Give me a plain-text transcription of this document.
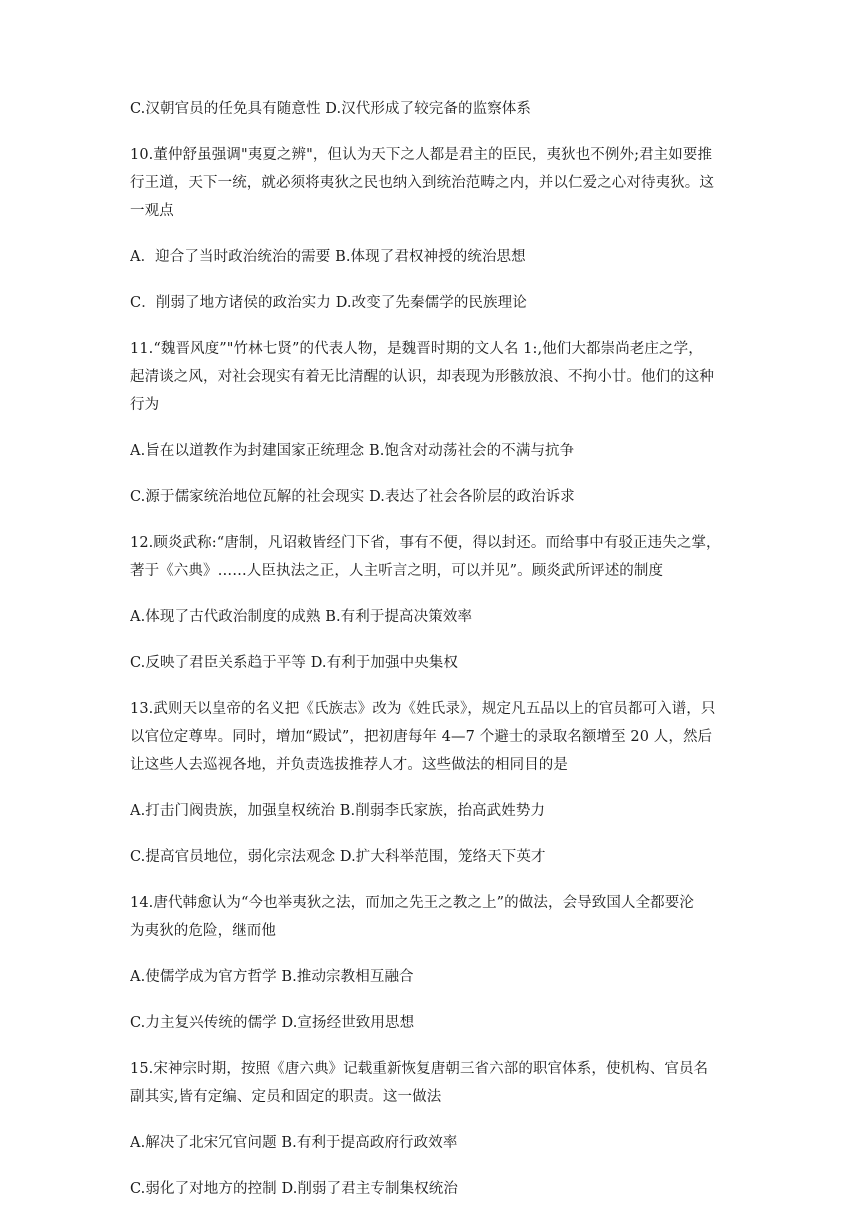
C.汉朝官员的任免具有随意性 D.汉代形成了较完备的监察体系

10.董仲舒虽强调"夷夏之辨"，但认为天下之人都是君主的臣民，夷狄也不例外;君主如要推

行王道，天下一统，就必须将夷狄之民也纳入到统治范畴之内，并以仁爱之心对待夷狄。这

一观点

A．迎合了当时政治统治的需要 B.体现了君权神授的统治思想

C．削弱了地方诸侯的政治实力 D.改变了先秦儒学的民族理论

11.“魏晋风度”"竹林七贤”的代表人物，是魏晋时期的文人名 1:,他们大都崇尚老庄之学，

起清谈之风，对社会现实有着无比清醒的认识，却表现为形骸放浪、不拘小廿。他们的这种

行为

A.旨在以道教作为封建国家正统理念 B.饱含对动荡社会的不满与抗争

C.源于儒家统治地位瓦解的社会现实 D.表达了社会各阶层的政治诉求

12.顾炎武称:“唐制，凡诏敕皆经门下省，事有不便，得以封还。而给事中有驳正违失之掌，

著于《六典》……人臣执法之正，人主听言之明，可以并见”。顾炎武所评述的制度

A.体现了古代政治制度的成熟 B.有利于提高决策效率

C.反映了君臣关系趋于平等 D.有利于加强中央集权

13.武则天以皇帝的名义把《氏族志》改为《姓氏录》，规定凡五品以上的官员都可入谱，只

以官位定尊卑。同时，增加“殿试”，把初唐每年 4—7 个避士的录取名额增至 20 人，然后

让这些人去巡视各地，并负责选拔推荐人才。这些做法的相同目的是

A.打击门阀贵族，加强皇权统治 B.削弱李氏家族，抬高武姓势力

C.提高官员地位，弱化宗法观念 D.扩大科举范围，笼络天下英才

14.唐代韩愈认为“今也举夷狄之法，而加之先王之教之上”的做法，会导致国人全都要沦

为夷狄的危险，继而他

A.使儒学成为官方哲学 B.推动宗教相互融合

C.力主复兴传统的儒学 D.宣扬经世致用思想

15.宋神宗时期，按照《唐六典》记载重新恢复唐朝三省六部的职官体系，使机构、官员名

副其实,皆有定编、定员和固定的职责。这一做法

A.解决了北宋冗官问题 B.有利于提高政府行政效率

C.弱化了对地方的控制 D.削弱了君主专制集权统治
